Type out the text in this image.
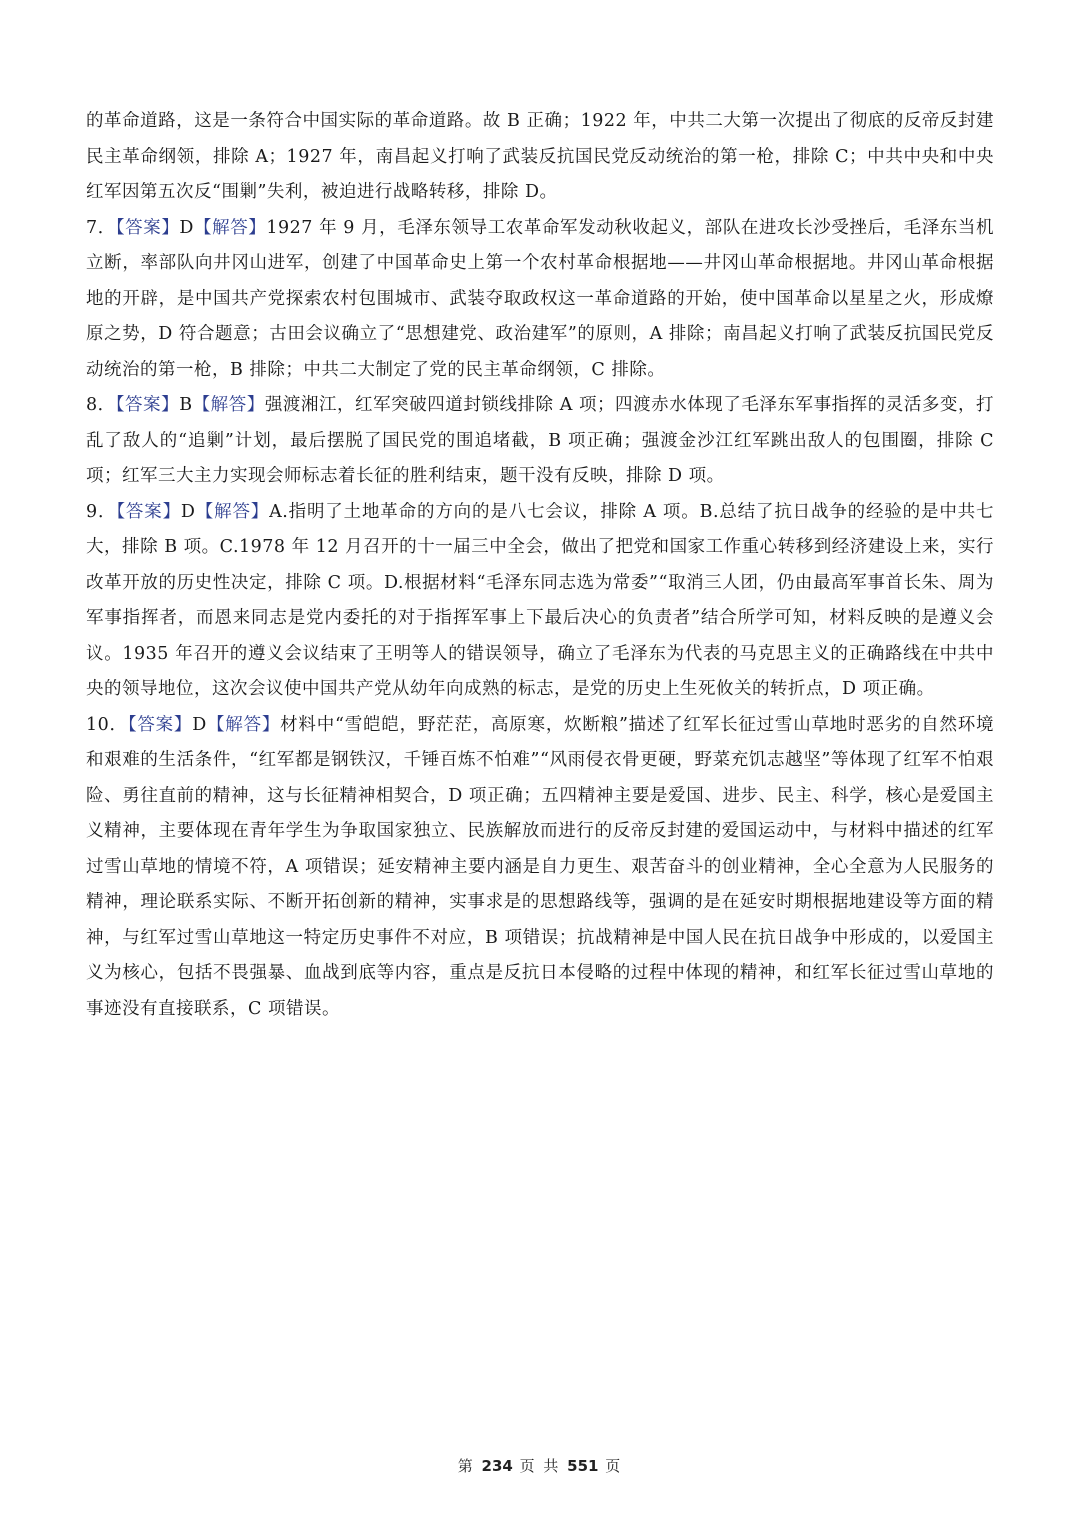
的革命道路，这是一条符合中国实际的革命道路。故 B 正确；1922 年，中共二大第一次提出了彻底的反帝反封建民主革命纲领，排除 A；1927 年，南昌起义打响了武装反抗国民党反动统治的第一枪，排除 C；中共中央和中央红军因第五次反“围剿”失利，被迫进行战略转移，排除 D。

7．【答案】D【解答】1927 年 9 月，毛泽东领导工农革命军发动秋收起义，部队在进攻长沙受挫后，毛泽东当机立断，率部队向井冈山进军，创建了中国革命史上第一个农村革命根据地——井冈山革命根据地。井冈山革命根据地的开辟，是中国共产党探索农村包围城市、武装夺取政权这一革命道路的开始，使中国革命以星星之火，形成燎原之势，D 符合题意；古田会议确立了“思想建党、政治建军”的原则，A 排除；南昌起义打响了武装反抗国民党反动统治的第一枪，B 排除；中共二大制定了党的民主革命纲领，C 排除。

8．【答案】B【解答】强渡湘江，红军突破四道封锁线排除 A 项；四渡赤水体现了毛泽东军事指挥的灵活多变，打乱了敌人的“追剿”计划，最后摆脱了国民党的围追堵截，B 项正确；强渡金沙江红军跳出敌人的包围圈，排除 C 项；红军三大主力实现会师标志着长征的胜利结束，题干没有反映，排除 D 项。

9．【答案】D【解答】A.指明了土地革命的方向的是八七会议，排除 A 项。B.总结了抗日战争的经验的是中共七大，排除 B 项。C.1978 年 12 月召开的十一届三中全会，做出了把党和国家工作重心转移到经济建设上来，实行改革开放的历史性决定，排除 C 项。D.根据材料“毛泽东同志选为常委”“取消三人团，仍由最高军事首长朱、周为军事指挥者，而恩来同志是党内委托的对于指挥军事上下最后决心的负责者”结合所学可知，材料反映的是遵义会议。1935 年召开的遵义会议结束了王明等人的错误领导，确立了毛泽东为代表的马克思主义的正确路线在中共中央的领导地位，这次会议使中国共产党从幼年向成熟的标志，是党的历史上生死攸关的转折点，D 项正确。

10．【答案】D【解答】材料中“雪皑皑，野茫茫，高原寒，炊断粮”描述了红军长征过雪山草地时恶劣的自然环境和艰难的生活条件，“红军都是钢铁汉，千锤百炼不怕难”“风雨侵衣骨更硬，野菜充饥志越坚”等体现了红军不怕艰险、勇往直前的精神，这与长征精神相契合，D 项正确；五四精神主要是爱国、进步、民主、科学，核心是爱国主义精神，主要体现在青年学生为争取国家独立、民族解放而进行的反帝反封建的爱国运动中，与材料中描述的红军过雪山草地的情境不符，A 项错误；延安精神主要内涵是自力更生、艰苦奋斗的创业精神，全心全意为人民服务的精神，理论联系实际、不断开拓创新的精神，实事求是的思想路线等，强调的是在延安时期根据地建设等方面的精神，与红军过雪山草地这一特定历史事件不对应，B 项错误；抗战精神是中国人民在抗日战争中形成的，以爱国主义为核心，包括不畏强暴、血战到底等内容，重点是反抗日本侵略的过程中体现的精神，和红军长征过雪山草地的事迹没有直接联系，C 项错误。

第 234 页 共 551 页
